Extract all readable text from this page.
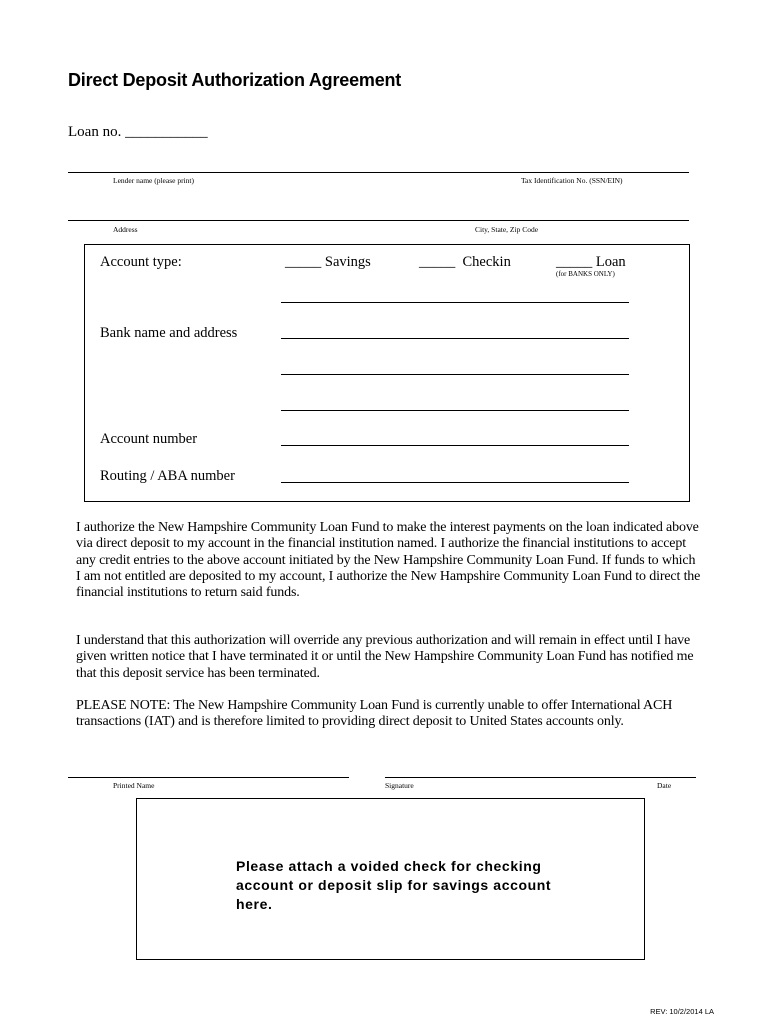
Direct Deposit Authorization Agreement
Loan no. ___________
Lender name (please print)	Tax Identification No. (SSN/EIN)
Address	City, State, Zip Code
Account type:	_____ Savings	_____  Checkin	_____ Loan
(for BANKS ONLY)
Bank name and address
Account number
Routing / ABA number
I authorize the New Hampshire Community Loan Fund to make the interest payments on the loan indicated above via direct deposit to my account in the financial institution named. I authorize the financial institutions to accept any credit entries to the above account initiated by the New Hampshire Community Loan Fund. If funds to which I am not entitled are deposited to my account, I authorize the New Hampshire Community Loan Fund to direct the financial institutions to return said funds.
I understand that this authorization will override any previous authorization and will remain in effect until I have given written notice that I have terminated it or until the New Hampshire Community Loan Fund has notified me that this deposit service has been terminated.
PLEASE NOTE: The New Hampshire Community Loan Fund is currently unable to offer International ACH transactions (IAT) and is therefore limited to providing direct deposit to United States accounts only.
Printed Name	Signature	Date
Please attach a voided check for checking account or deposit slip for savings account here.
REV: 10/2/2014 LA
